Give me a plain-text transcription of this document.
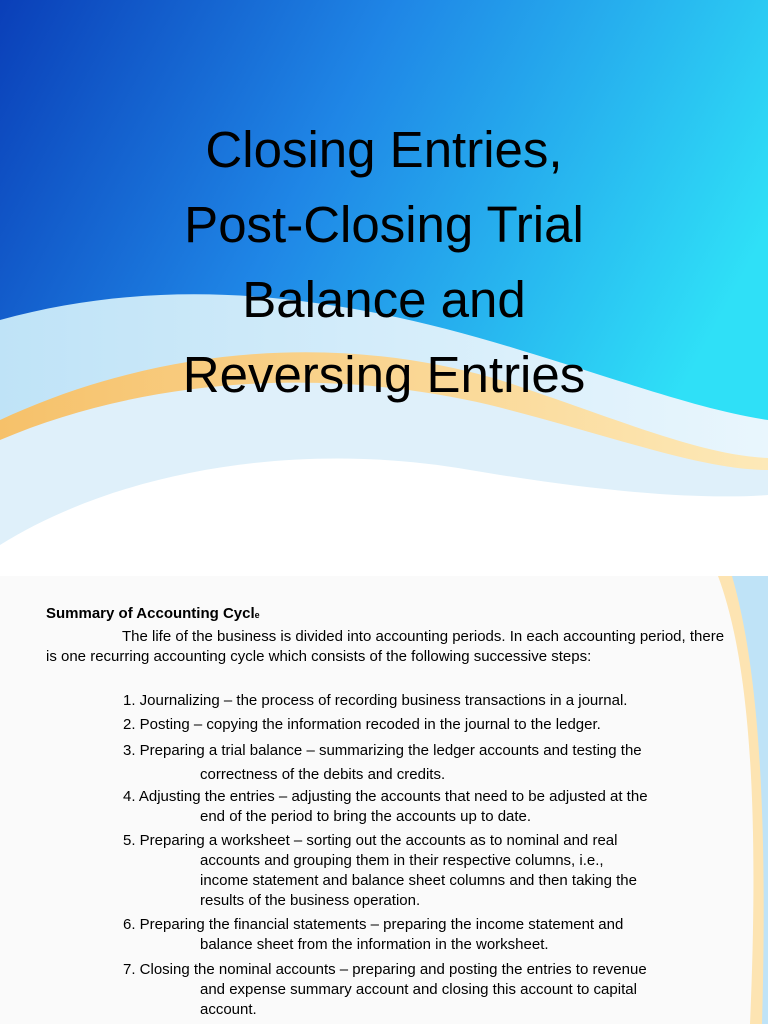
Closing Entries,
Post-Closing Trial
Balance and
Reversing Entries
Summary of Accounting Cycle
The life of the business is divided into accounting periods. In each accounting period, there is one recurring accounting cycle which consists of the following successive steps:
1. Journalizing – the process of recording business transactions in a journal.
2. Posting – copying the information recoded in the journal to the ledger.
3. Preparing a trial balance – summarizing the ledger accounts and testing the
correctness of the debits and credits.
4. Adjusting the entries – adjusting the accounts that need to be adjusted at the
end of the period to bring the accounts up to date.
5. Preparing a worksheet – sorting out the accounts as to nominal and real
accounts and grouping them in their respective columns, i.e.,
income statement and balance sheet columns and then taking the
results of the business operation.
6. Preparing the financial statements – preparing the income statement and
balance sheet from the information in the worksheet.
7. Closing the nominal accounts – preparing and posting the entries to revenue
and expense summary account and closing this account to capital
account.
